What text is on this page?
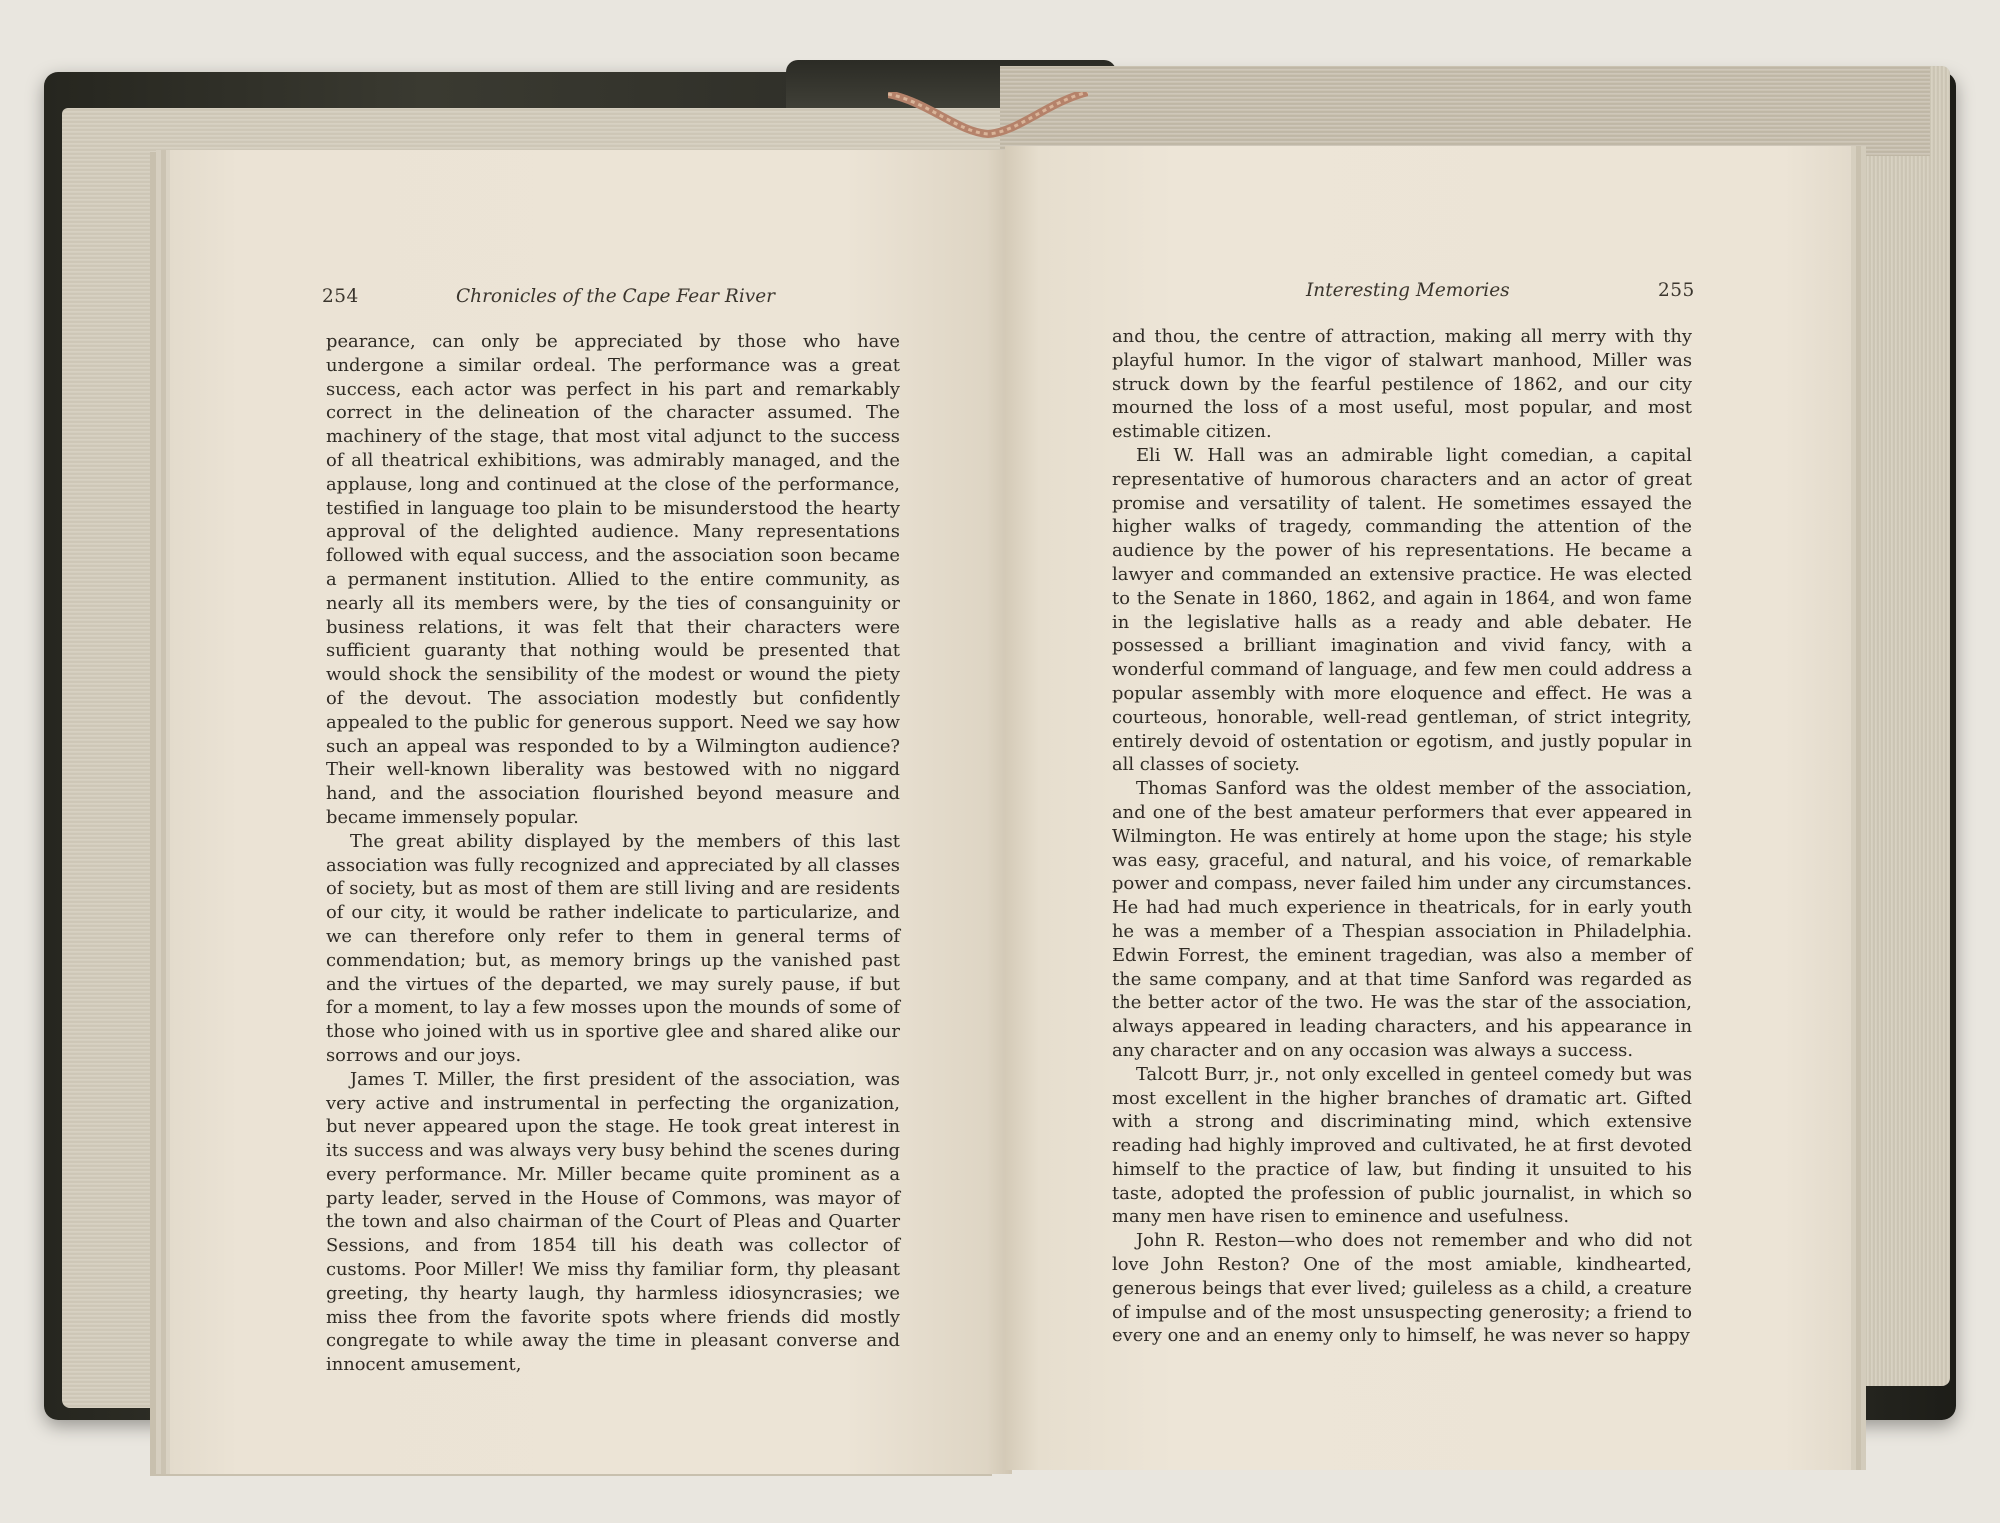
254	Chronicles of the Cape Fear River	Interesting Memories	255

pearance, can only be appreciated by those who have undergone a similar ordeal. The performance was a great success, each actor was perfect in his part and remarkably correct in the delineation of the character assumed. The machinery of the stage, that most vital adjunct to the success of all theatrical exhibitions, was admirably managed, and the applause, long and continued at the close of the performance, testified in language too plain to be misunderstood the hearty approval of the delighted audience. Many representations followed with equal success, and the association soon became a permanent institution. Allied to the entire community, as nearly all its members were, by the ties of consanguinity or business relations, it was felt that their characters were sufficient guaranty that nothing would be presented that would shock the sensibility of the modest or wound the piety of the devout. The association modestly but confidently appealed to the public for generous support. Need we say how such an appeal was responded to by a Wilmington audience? Their well-known liberality was bestowed with no niggard hand, and the association flourished beyond measure and became immensely popular.

The great ability displayed by the members of this last association was fully recognized and appreciated by all classes of society, but as most of them are still living and are residents of our city, it would be rather indelicate to particularize, and we can therefore only refer to them in general terms of commendation; but, as memory brings up the vanished past and the virtues of the departed, we may surely pause, if but for a moment, to lay a few mosses upon the mounds of some of those who joined with us in sportive glee and shared alike our sorrows and our joys.

James T. Miller, the first president of the association, was very active and instrumental in perfecting the organization, but never appeared upon the stage. He took great interest in its success and was always very busy behind the scenes during every performance. Mr. Miller became quite prominent as a party leader, served in the House of Commons, was mayor of the town and also chairman of the Court of Pleas and Quarter Sessions, and from 1854 till his death was collector of customs. Poor Miller! We miss thy familiar form, thy pleasant greeting, thy hearty laugh, thy harmless idiosyncrasies; we miss thee from the favorite spots where friends did mostly congregate to while away the time in pleasant converse and innocent amusement,

and thou, the centre of attraction, making all merry with thy playful humor. In the vigor of stalwart manhood, Miller was struck down by the fearful pestilence of 1862, and our city mourned the loss of a most useful, most popular, and most estimable citizen.

Eli W. Hall was an admirable light comedian, a capital representative of humorous characters and an actor of great promise and versatility of talent. He sometimes essayed the higher walks of tragedy, commanding the attention of the audience by the power of his representations. He became a lawyer and commanded an extensive practice. He was elected to the Senate in 1860, 1862, and again in 1864, and won fame in the legislative halls as a ready and able debater. He possessed a brilliant imagination and vivid fancy, with a wonderful command of language, and few men could address a popular assembly with more eloquence and effect. He was a courteous, honorable, well-read gentleman, of strict integrity, entirely devoid of ostentation or egotism, and justly popular in all classes of society.

Thomas Sanford was the oldest member of the association, and one of the best amateur performers that ever appeared in Wilmington. He was entirely at home upon the stage; his style was easy, graceful, and natural, and his voice, of remarkable power and compass, never failed him under any circumstances. He had had much experience in theatricals, for in early youth he was a member of a Thespian association in Philadelphia. Edwin Forrest, the eminent tragedian, was also a member of the same company, and at that time Sanford was regarded as the better actor of the two. He was the star of the association, always appeared in leading characters, and his appearance in any character and on any occasion was always a success.

Talcott Burr, jr., not only excelled in genteel comedy but was most excellent in the higher branches of dramatic art. Gifted with a strong and discriminating mind, which extensive reading had highly improved and cultivated, he at first devoted himself to the practice of law, but finding it unsuited to his taste, adopted the profession of public journalist, in which so many men have risen to eminence and usefulness.

John R. Reston—who does not remember and who did not love John Reston? One of the most amiable, kindhearted, generous beings that ever lived; guileless as a child, a creature of impulse and of the most unsuspecting generosity; a friend to every one and an enemy only to himself, he was never so happy
